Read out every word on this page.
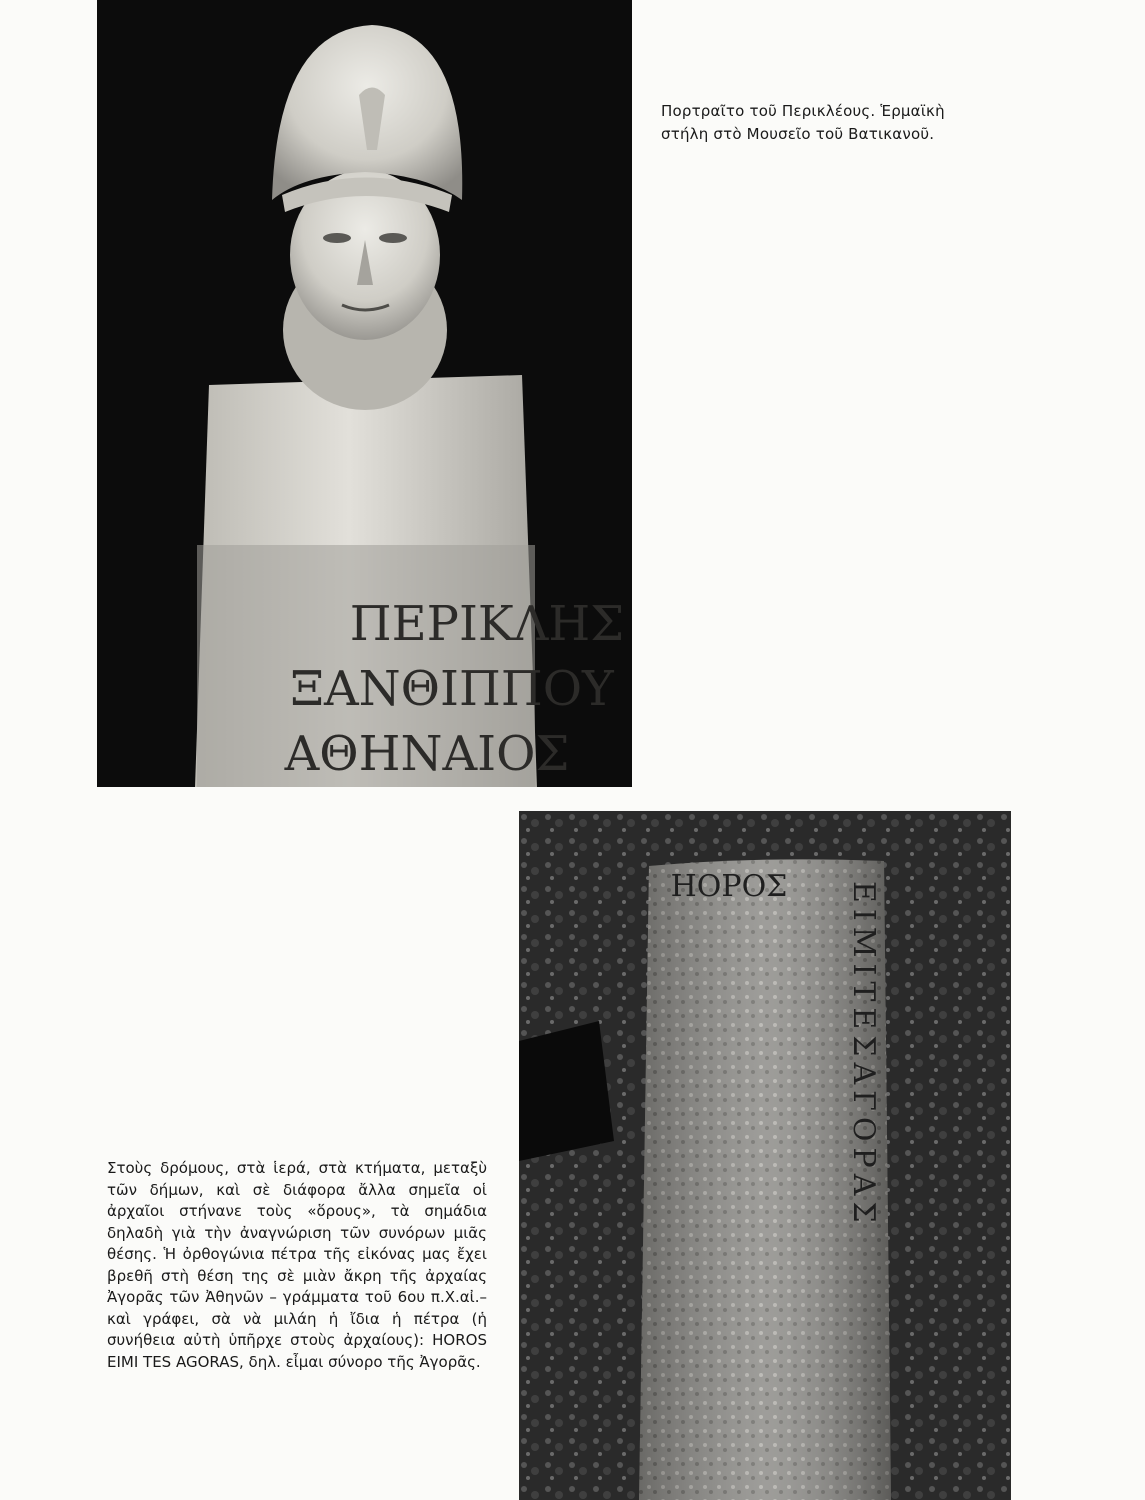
ΠΕΡΙΚΛΗΣ
ΞΑΝΘΙΠΠΟΥ
ΑΘΗΝΑΙΟΣ

Πορτραῖτο τοῦ Περικλέους. Ἑρμαϊκὴ

στήλη στὸ Μουσεῖο τοῦ Βατικανοῦ.

ΗΟΡΟΣ ΕΙΜΙΤΕΣΑΓΟΡΑΣ

Στοὺς δρόμους, στὰ ἱερά, στὰ κτήματα, μεταξὺ τῶν δήμων, καὶ σὲ διάφορα ἄλλα σημεῖα οἱ ἀρχαῖοι στήνανε τοὺς «ὅρους», τὰ σημάδια δηλαδὴ γιὰ τὴν ἀναγνώριση τῶν συνόρων μιᾶς θέσης. Ἡ ὀρθογώνια πέτρα τῆς εἰκόνας μας ἔχει βρεθῆ στὴ θέση της σὲ μιὰν ἄκρη τῆς ἀρχαίας Ἀγορᾶς τῶν Ἀθηνῶν – γράμματα τοῦ 6ου π.Χ.αἰ.–καὶ γράφει, σὰ νὰ μιλάη ἡ ἴδια ἡ πέτρα (ἡ συνήθεια αὐτὴ ὑπῆρχε στοὺς ἀρχαίους): HOROS EIMI TES AGORAS, δηλ. εἶμαι σύνορο τῆς Ἀγορᾶς.
